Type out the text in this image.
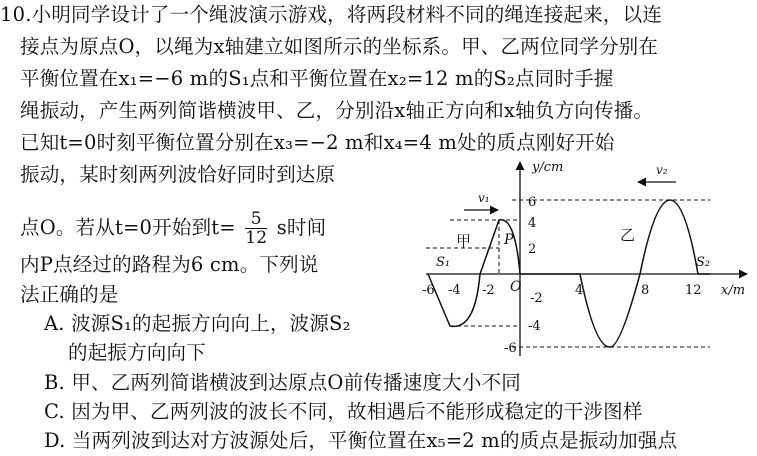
10.小明同学设计了一个绳波演示游戏，将两段材料不同的绳连接起来，以连
接点为原点O，以绳为x轴建立如图所示的坐标系。甲、乙两位同学分别在
平衡位置在x₁=−6 m的S₁点和平衡位置在x₂=12 m的S₂点同时手握
绳振动，产生两列简谐横波甲、乙，分别沿x轴正方向和x轴负方向传播。
已知t=0时刻平衡位置分别在x₃=−2 m和x₄=4 m处的质点刚好开始
振动，某时刻两列波恰好同时到达原
点O。若从t=0开始到$t= \frac{5}{12}$ s时间
内P点经过的路程为6 cm。下列说
法正确的是
A. 波源S₁的起振方向向上，波源S₂
的起振方向向下
B. 甲、乙两列简谐横波到达原点O前传播速度大小不同
C. 因为甲、乙两列波的波长不同，故相遇后不能形成稳定的干涉图样
D. 当两列波到达对方波源处后，平衡位置在x₅=2 m的质点是振动加强点
y/cm
x/m
O
-6 -4 -2	4	8	12
6
4
2
-2
-4
-6
v₁
v₂
甲	乙
P
S₁	S₂
